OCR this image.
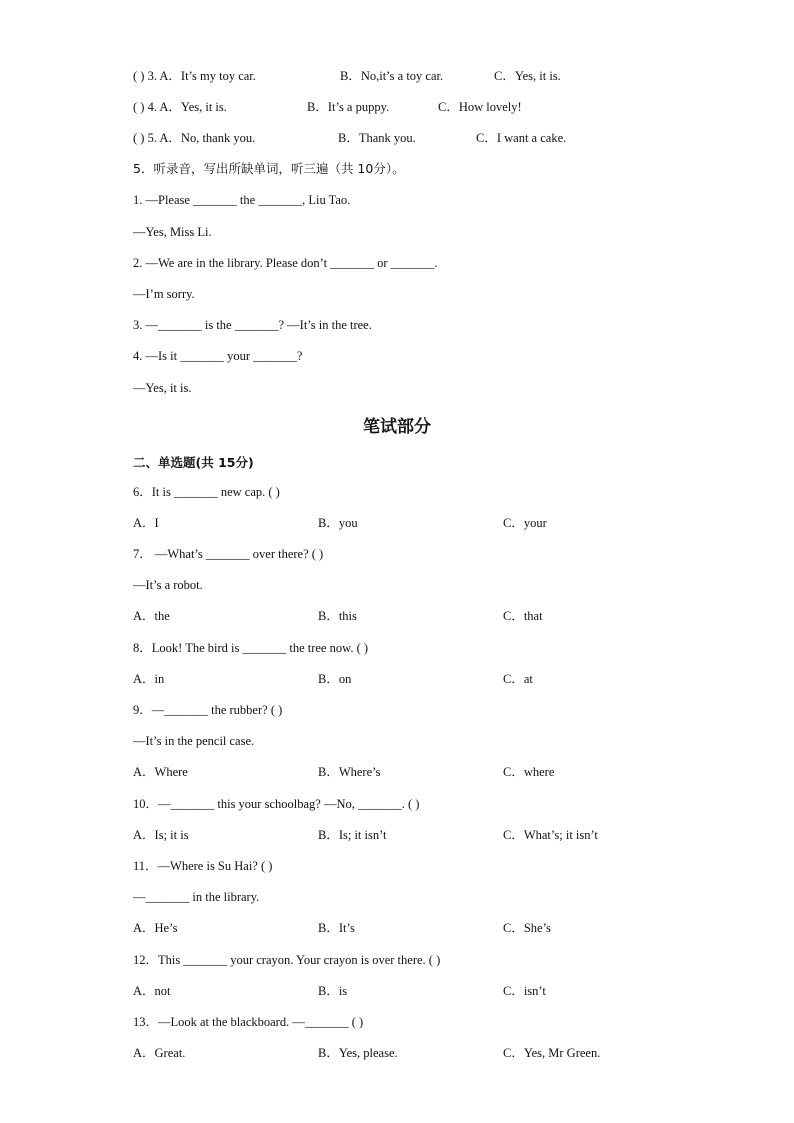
( ) 3. A．It’s my toy car.	B．No,it’s a toy car.	C．Yes, it is.
( ) 4. A．Yes, it is.	B．It’s a puppy.	C．How lovely!
( ) 5. A．No, thank you.	B．Thank you.	C．I want a cake.
5．听录音，写出所缺单词，听三遍（共 10分）。
1. —Please _______ the _______, Liu Tao.
—Yes, Miss Li.
2. —We are in the library. Please don’t _______ or _______.
—I’m sorry.
3. —_______ is the _______? —It’s in the tree.
4. —Is it _______ your _______?
—Yes, it is.
笔试部分
二、单选题(共 15分)
6．It is _______ new cap. ( )
A．I	B．you	C．your
7． —What’s _______ over there? ( )
—It’s a robot.
A．the	B．this	C．that
8．Look! The bird is _______ the tree now. ( )
A．in	B．on	C．at
9．—_______ the rubber? ( )
—It’s in the pencil case.
A．Where	B．Where’s	C．where
10．—_______ this your schoolbag? —No, _______. ( )
A．Is; it is	B．Is; it isn’t	C．What’s; it isn’t
11．—Where is Su Hai? ( )
—_______ in the library.
A．He’s	B．It’s	C．She’s
12．This _______ your crayon. Your crayon is over there. ( )
A．not	B．is	C．isn’t
13．—Look at the blackboard. —_______ ( )
A．Great.	B．Yes, please.	C．Yes, Mr Green.
